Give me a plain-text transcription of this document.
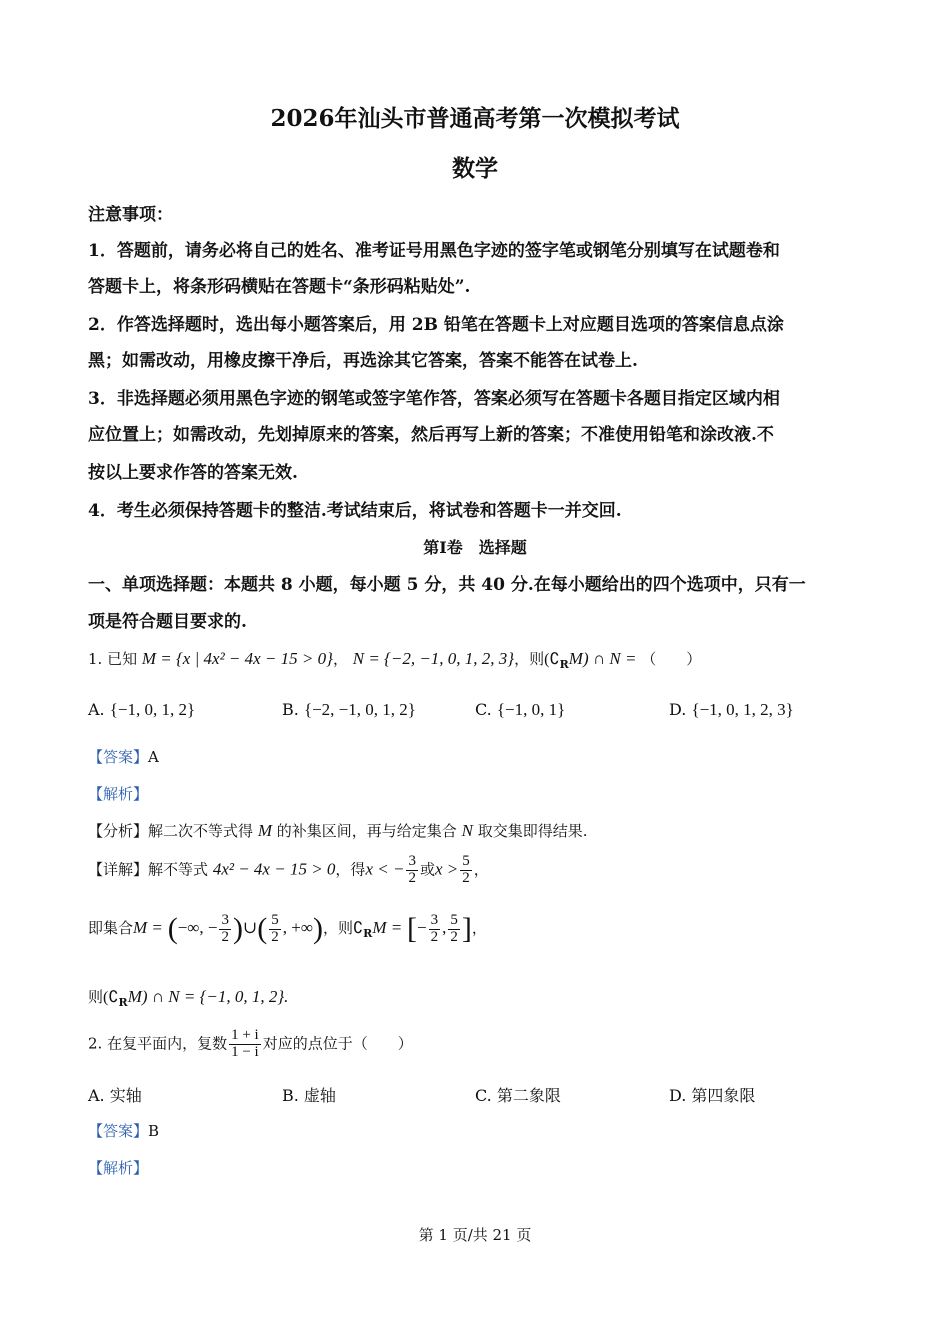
2026年汕头市普通高考第一次模拟考试
数学
注意事项：
1．答题前，请务必将自己的姓名、准考证号用黑色字迹的签字笔或钢笔分别填写在试题卷和
答题卡上，将条形码横贴在答题卡“条形码粘贴处”.
2．作答选择题时，选出每小题答案后，用 2B 铅笔在答题卡上对应题目选项的答案信息点涂
黑；如需改动，用橡皮擦干净后，再选涂其它答案，答案不能答在试卷上.
3．非选择题必须用黑色字迹的钢笔或签字笔作答，答案必须写在答题卡各题目指定区域内相
应位置上；如需改动，先划掉原来的答案，然后再写上新的答案；不准使用铅笔和涂改液.不
按以上要求作答的答案无效.
4．考生必须保持答题卡的整洁.考试结束后，将试卷和答题卡一并交回.
第Ⅰ卷　选择题
一、单项选择题：本题共 8 小题，每小题 5 分，共 40 分.在每小题给出的四个选项中，只有一
项是符合题目要求的.
1. 已知 M = {x | 4x² − 4x − 15 > 0}， N = {−2, −1, 0, 1, 2, 3}，则$(∁_RM)$ ∩ N = （　　）
A. {−1, 0, 1, 2}	B. {−2, −1, 0, 1, 2}	C. {−1, 0, 1}	D. {−1, 0, 1, 2, 3}
【答案】A
【解析】
【分析】解二次不等式得 M 的补集区间，再与给定集合 N 取交集即得结果.
【详解】解不等式 4x² − 4x − 15 > 0，得x < − $\frac{3}{2}$ 或$x > \frac{5}{2}$ ，
即集合M = (−∞, − $\frac{3}{2}$ )∪( $\frac{5}{2}$ , +∞)，则$∁_RM$ = [− $\frac{3}{2}$ , $\frac{5}{2}$ ]，
则$(∁_RM)$ ∩ N = {−1, 0, 1, 2}.
2. 在复平面内，复数 $\frac{1 + i}{1 - i}$ 对应的点位于（　　）
A. 实轴	B. 虚轴	C. 第二象限	D. 第四象限
【答案】B
【解析】
第 1 页/共 21 页
